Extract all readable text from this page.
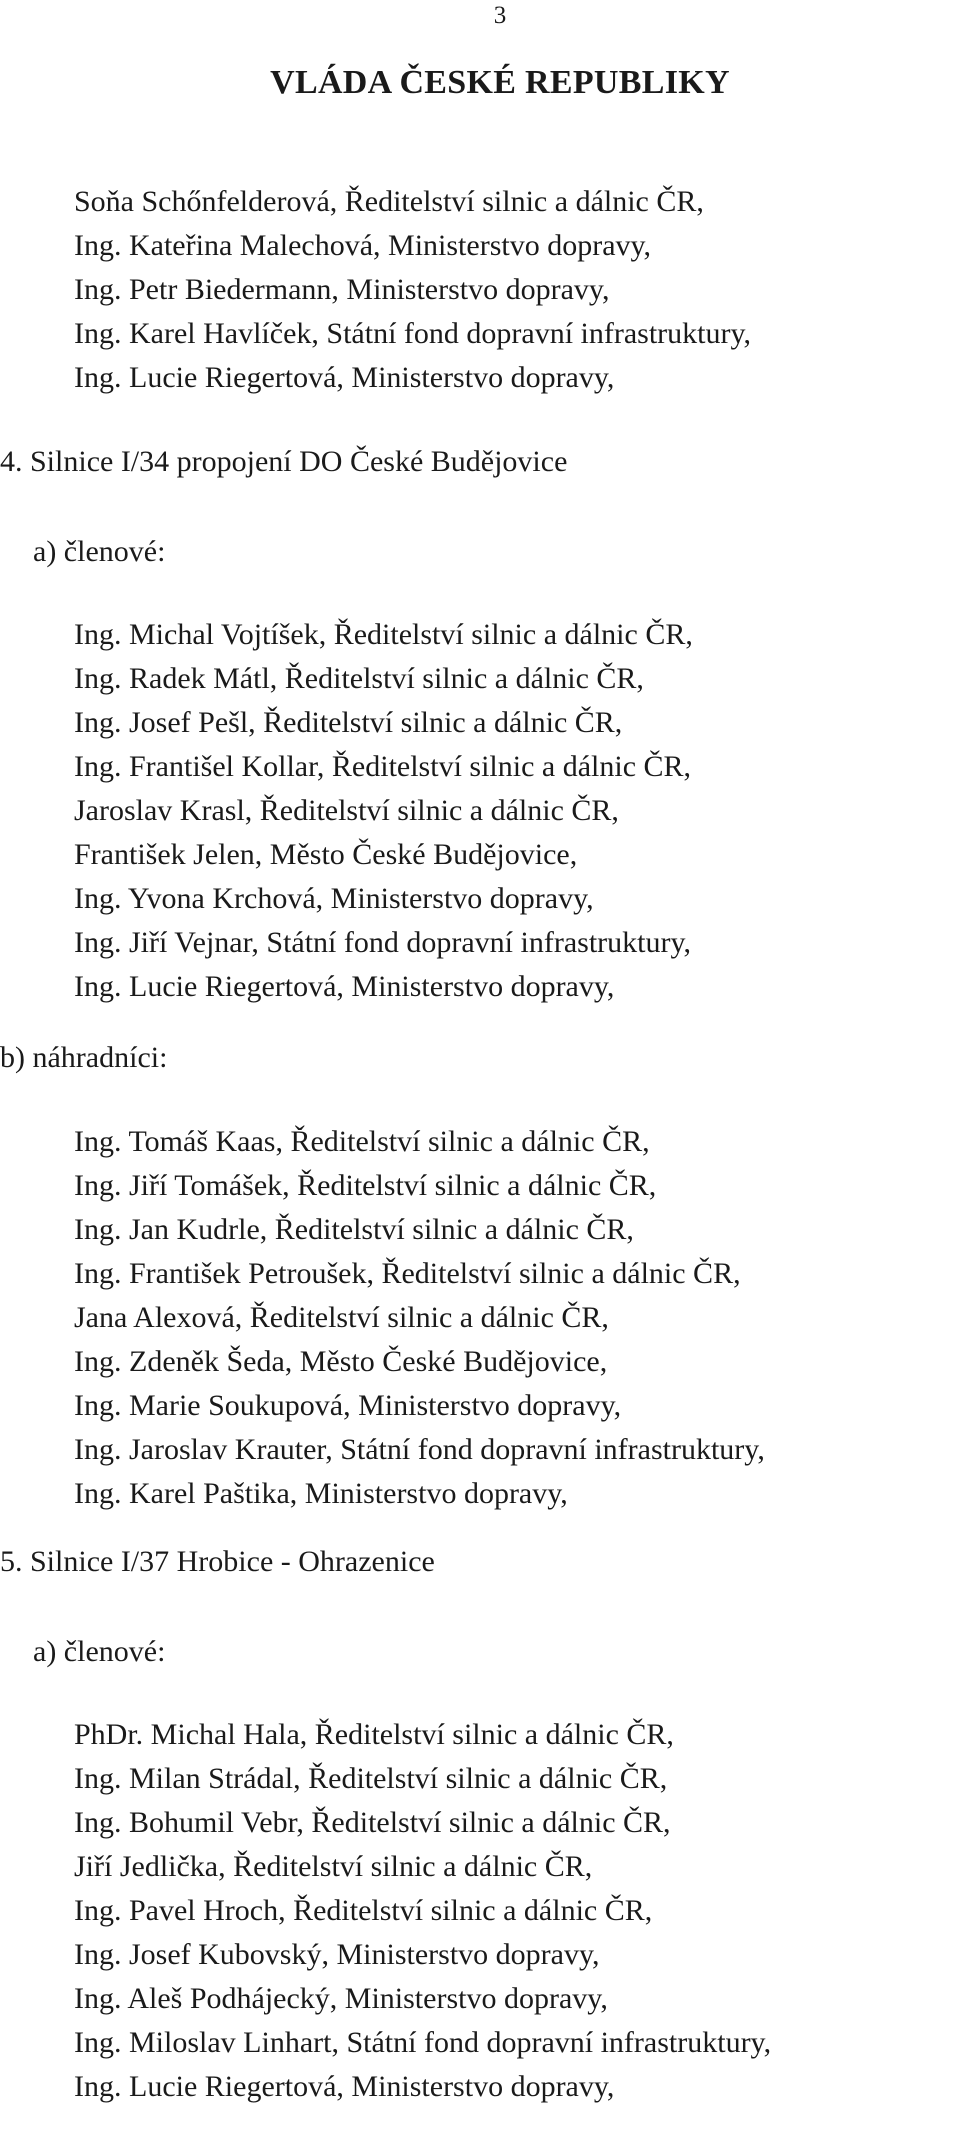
3
VLÁDA ČESKÉ REPUBLIKY
Soňa Schőnfelderová, Ředitelství silnic a dálnic ČR,
Ing. Kateřina Malechová, Ministerstvo dopravy,
Ing. Petr Biedermann, Ministerstvo dopravy,
Ing. Karel Havlíček, Státní fond dopravní infrastruktury,
Ing. Lucie Riegertová, Ministerstvo dopravy,
4. Silnice I/34 propojení DO České Budějovice
a) členové:
Ing. Michal Vojtíšek, Ředitelství silnic a dálnic ČR,
Ing. Radek Mátl, Ředitelství silnic a dálnic ČR,
Ing. Josef Pešl, Ředitelství silnic a dálnic ČR,
Ing. Františel Kollar, Ředitelství silnic a dálnic ČR,
Jaroslav Krasl, Ředitelství silnic a dálnic ČR,
František Jelen, Město České Budějovice,
Ing. Yvona Krchová, Ministerstvo dopravy,
Ing. Jiří Vejnar, Státní fond dopravní infrastruktury,
Ing. Lucie Riegertová, Ministerstvo dopravy,
b) náhradníci:
Ing. Tomáš Kaas, Ředitelství silnic a dálnic ČR,
Ing. Jiří Tomášek, Ředitelství silnic a dálnic ČR,
Ing. Jan Kudrle, Ředitelství silnic a dálnic ČR,
Ing. František Petroušek, Ředitelství silnic a dálnic ČR,
Jana Alexová, Ředitelství silnic a dálnic ČR,
Ing. Zdeněk Šeda, Město České Budějovice,
Ing. Marie Soukupová, Ministerstvo dopravy,
Ing. Jaroslav Krauter, Státní fond dopravní infrastruktury,
Ing. Karel Paštika, Ministerstvo dopravy,
5. Silnice I/37 Hrobice - Ohrazenice
a) členové:
PhDr. Michal Hala, Ředitelství silnic a dálnic ČR,
Ing. Milan Strádal, Ředitelství silnic a dálnic ČR,
Ing. Bohumil Vebr, Ředitelství silnic a dálnic ČR,
Jiří Jedlička, Ředitelství silnic a dálnic ČR,
Ing. Pavel Hroch, Ředitelství silnic a dálnic ČR,
Ing. Josef Kubovský, Ministerstvo dopravy,
Ing. Aleš Podhájecký, Ministerstvo dopravy,
Ing. Miloslav Linhart, Státní fond dopravní infrastruktury,
Ing. Lucie Riegertová, Ministerstvo dopravy,
